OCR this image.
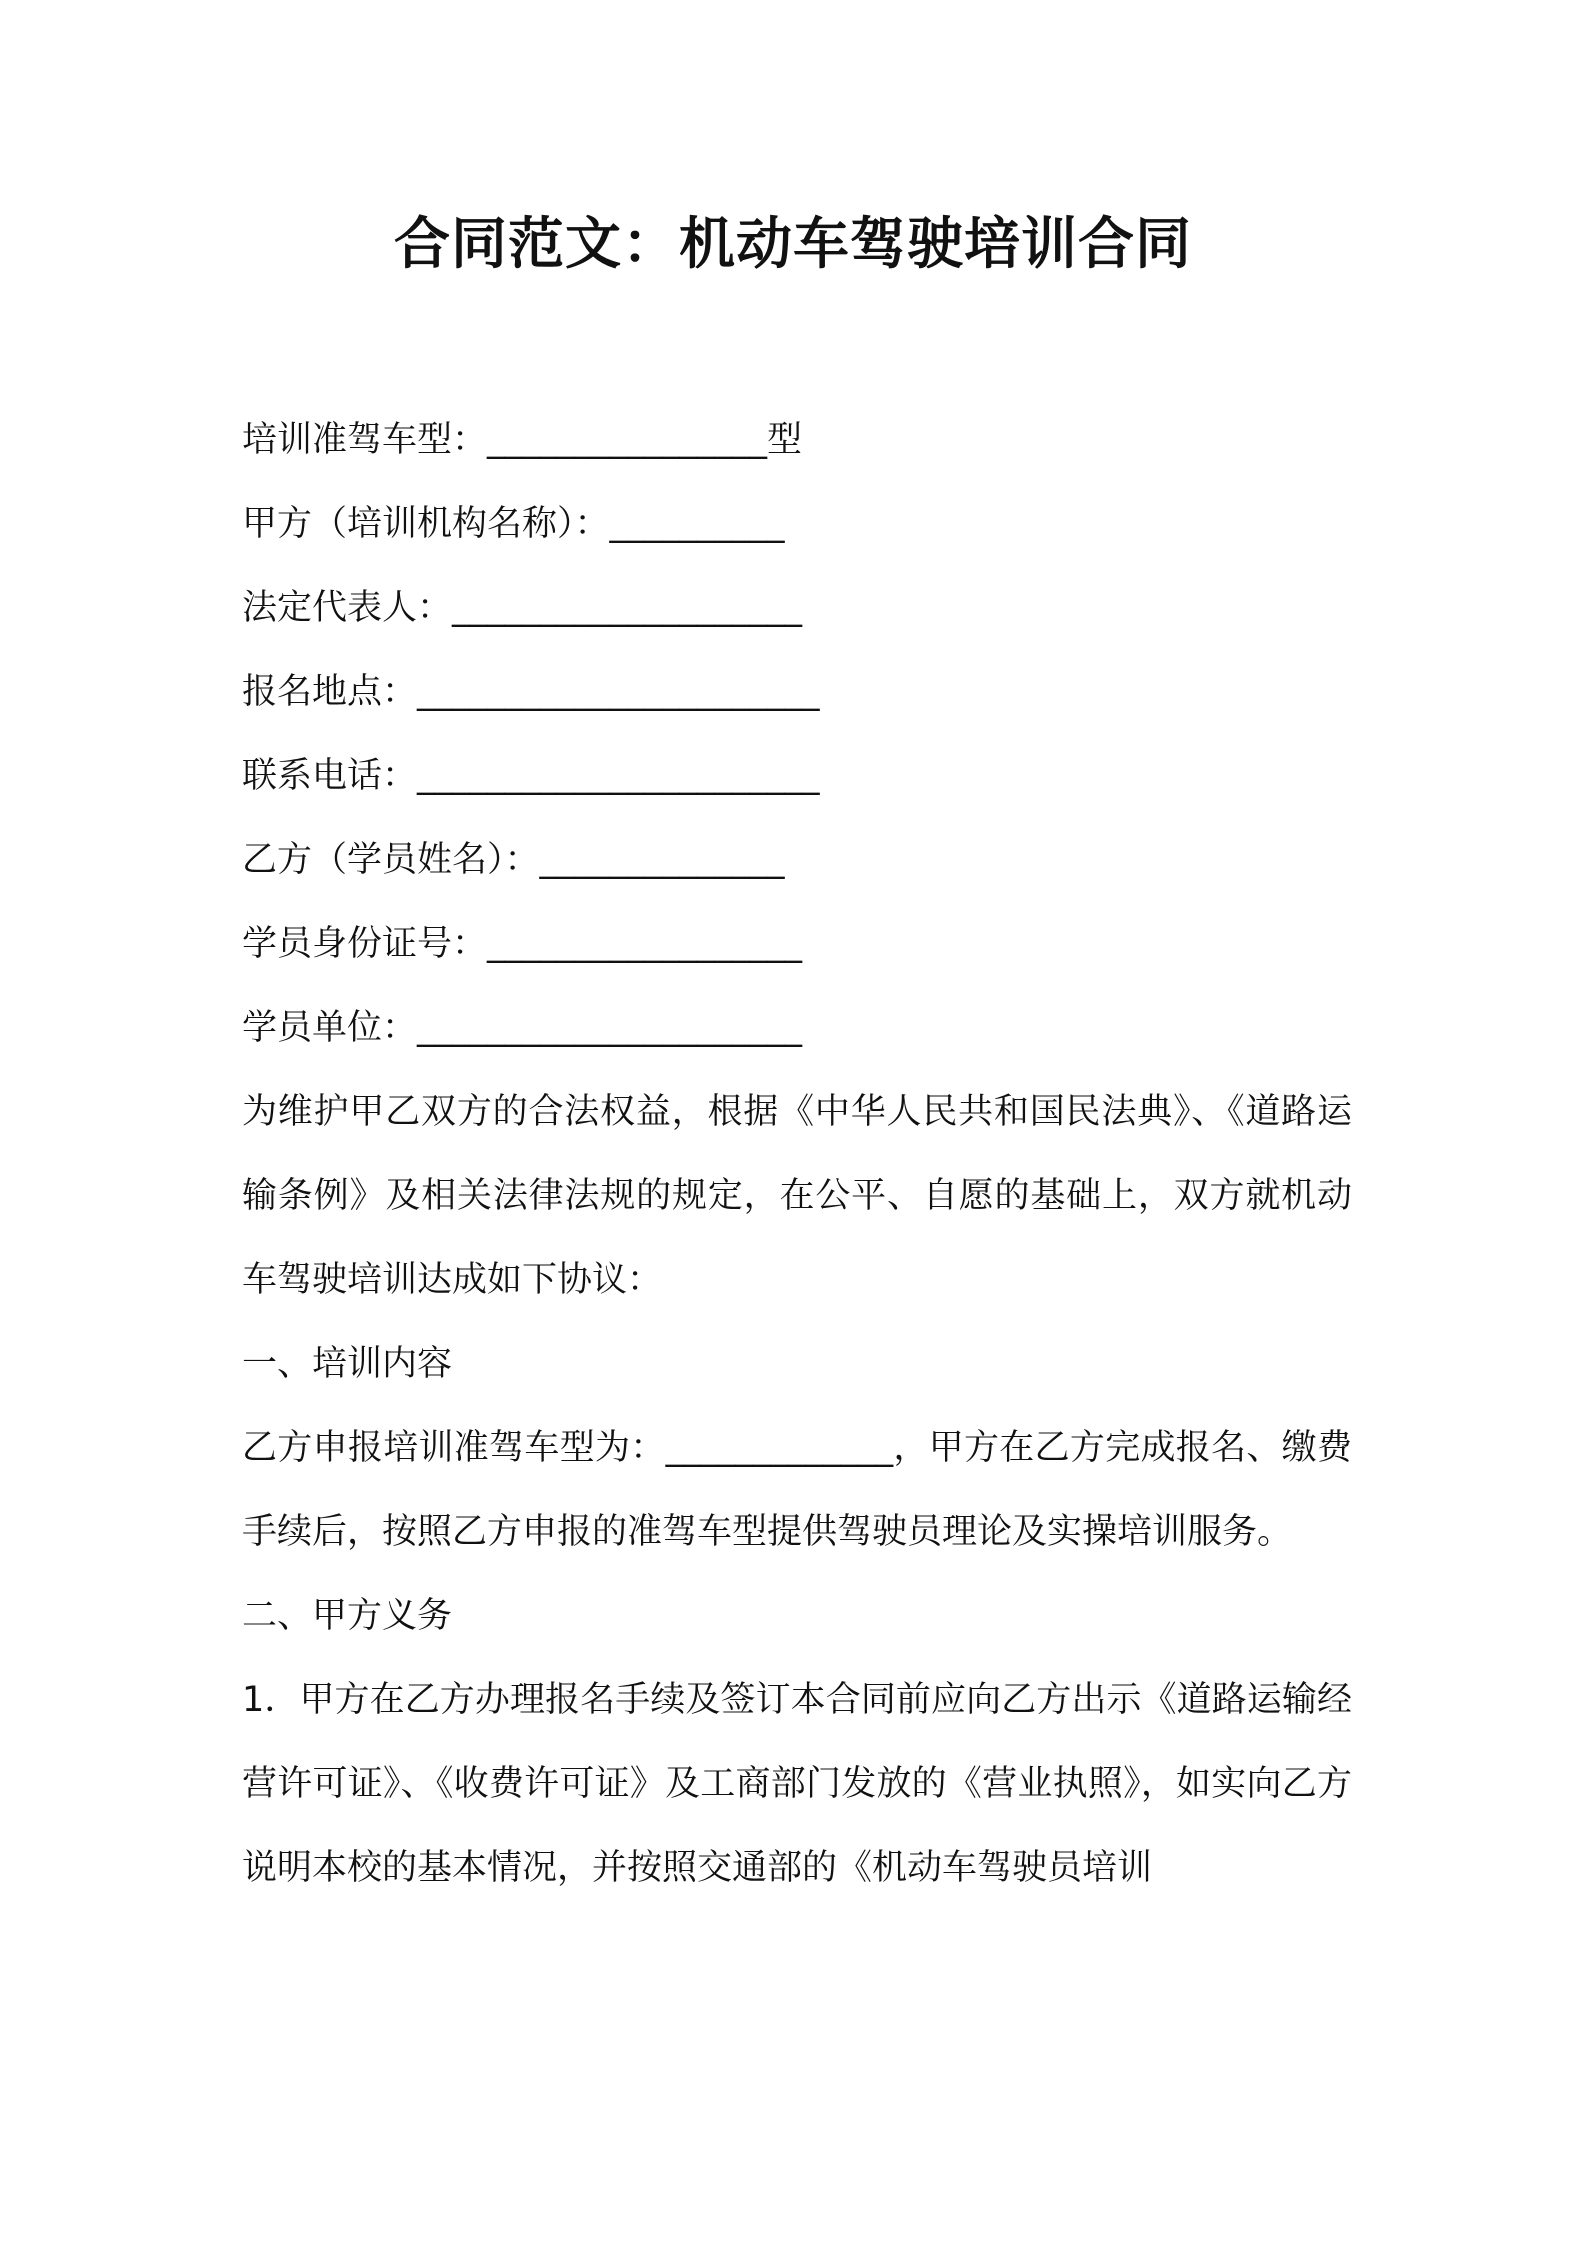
合同范文：机动车驾驶培训合同
培训准驾车型：________________型
甲方（培训机构名称）：__________
法定代表人：____________________
报名地点：_______________________
联系电话：_______________________
乙方（学员姓名）：______________
学员身份证号：__________________
学员单位：______________________

为维护甲乙双方的合法权益，根据《中华人民共和国民法典》、《道路运输条例》及相关法律法规的规定，在公平、自愿的基础上，双方就机动车驾驶培训达成如下协议：

一、培训内容

乙方申报培训准驾车型为：_____________，甲方在乙方完成报名、缴费手续后，按照乙方申报的准驾车型提供驾驶员理论及实操培训服务。

二、甲方义务

1．甲方在乙方办理报名手续及签订本合同前应向乙方出示《道路运输经营许可证》、《收费许可证》及工商部门发放的《营业执照》，如实向乙方说明本校的基本情况，并按照交通部的《机动车驾驶员培训
